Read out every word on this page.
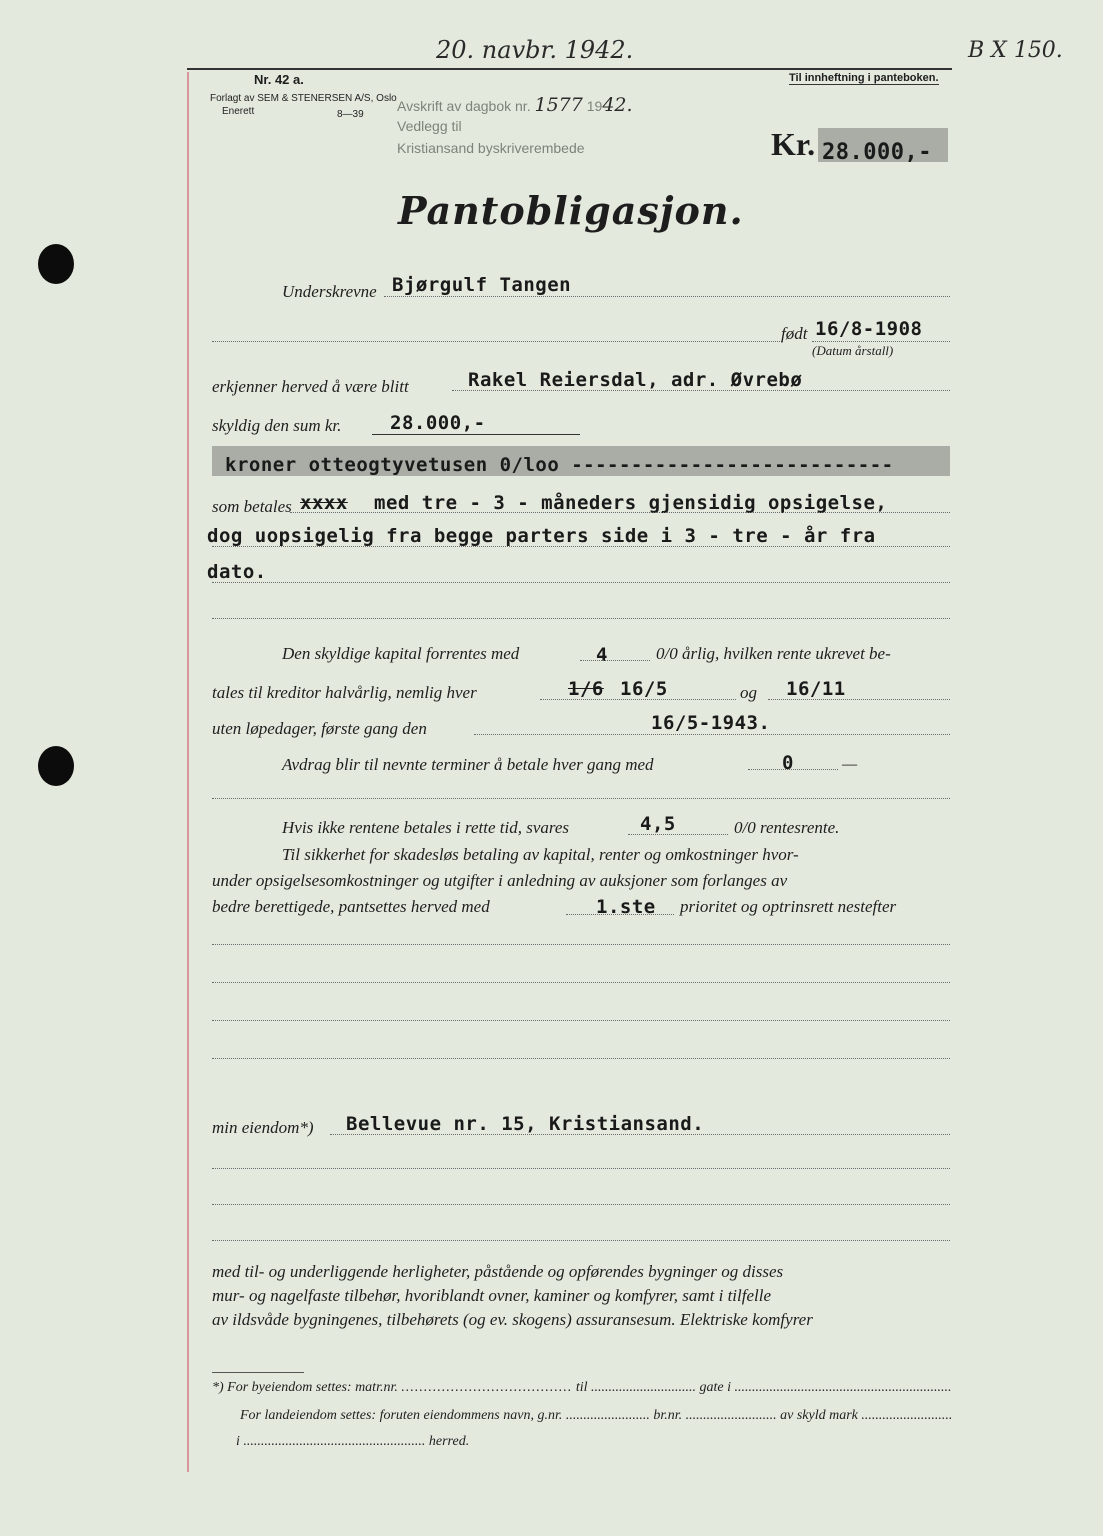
20. navbr. 1942.	B X 150.
Nr. 42 a.
Forlagt av SEM & STENERSEN A/S, Oslo
Enerett	8—39
Til innheftning i panteboken.
Avskrift av dagbok nr. 1577 1942.
Vedlegg til
Kristiansand byskriverembede	Kr. 28.000,-
Pantobligasjon.
Underskrevne Bjørgulf Tangen
født 16/8-1908
(Datum årstall)
erkjenner herved å være blitt	Rakel Reiersdal, adr. Øvrebø
skyldig den sum kr.	28.000,-
kroner otteogtyvetusen 0/loo ---------------------------
som betales xxxx med tre - 3 - måneders gjensidig opsigelse,
dog uopsigelig fra begge parters side i 3 - tre - år fra
dato.
Den skyldige kapital forrentes med	4	0/0 årlig, hvilken rente ukrevet be-
tales til kreditor halvårlig, nemlig hver	1/6 16/5	og 16/11
uten løpedager, første gang den	16/5-1943.
Avdrag blir til nevnte terminer å betale hver gang med	0	—
Hvis ikke rentene betales i rette tid, svares	4,5	0/0 rentesrente.
Til sikkerhet for skadesløs betaling av kapital, renter og omkostninger hvor-
under opsigelsesomkostninger og utgifter i anledning av auksjoner som forlanges av
bedre berettigede, pantsettes herved med	1.ste prioritet og optrinsrett nestefter
min eiendom*) Bellevue nr. 15, Kristiansand.
med til- og underliggende herligheter, påstående og opførendes bygninger og disses
mur- og nagelfaste tilbehør, hvoriblandt ovner, kaminer og komfyrer, samt i tilfelle
av ildsvåde bygningenes, tilbehørets (og ev. skogens) assuransesum. Elektriske komfyrer
*) For byeiendom settes: matr.nr. ...................................... til .............................. gate i ..............................................................
For landeiendom settes: foruten eiendommens navn, g.nr. ........................ br.nr. .......................... av skyld mark ..........................
i .................................................... herred.
